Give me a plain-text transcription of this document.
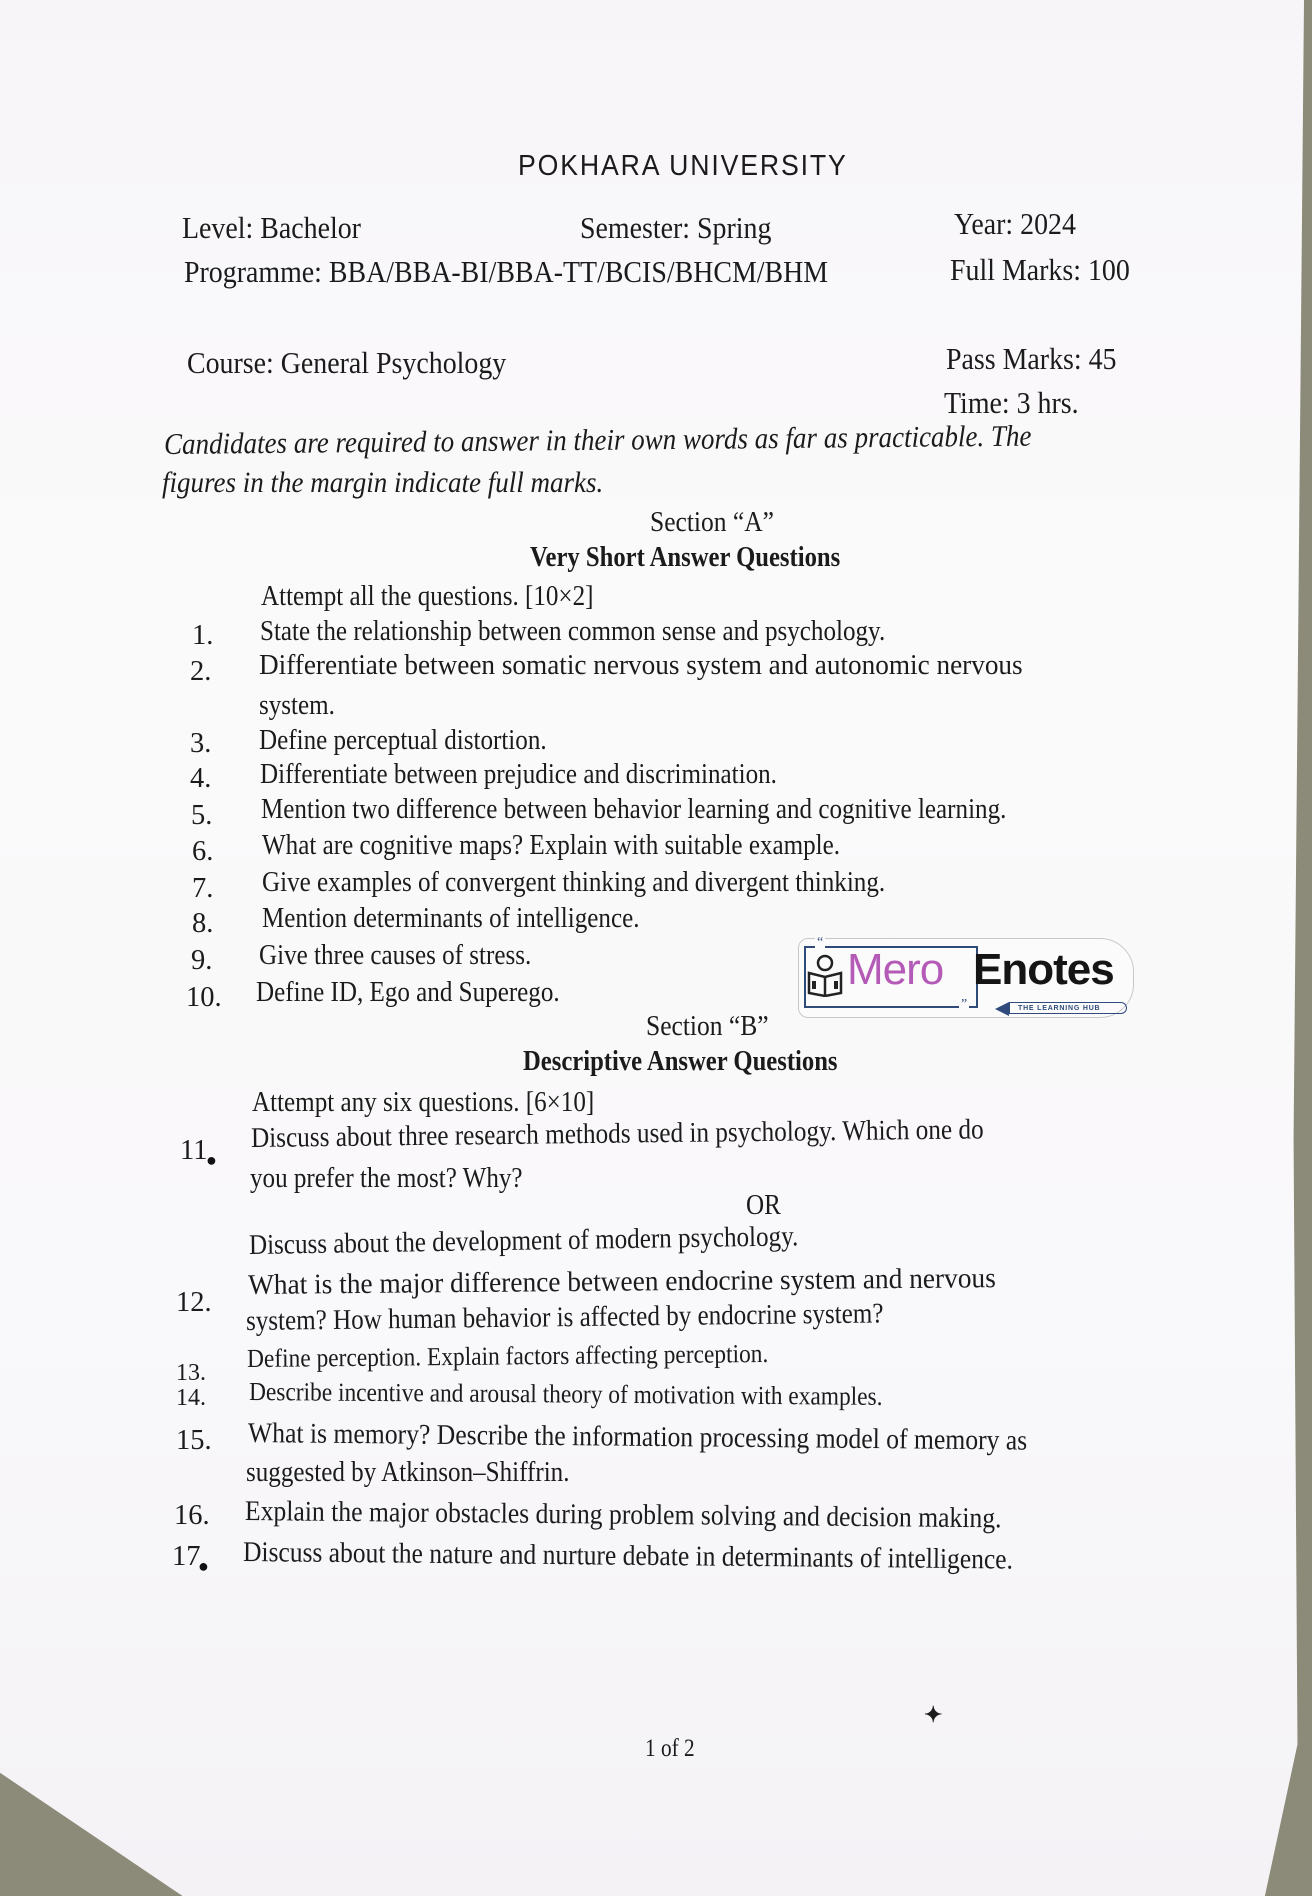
POKHARA UNIVERSITY
Level: Bachelor	Semester: Spring	Year: 2024
Programme: BBA/BBA-BI/BBA-TT/BCIS/BHCM/BHM	Full Marks: 100
Course: General Psychology	Pass Marks: 45
Time: 3 hrs.
Candidates are required to answer in their own words as far as practicable. The
figures in the margin indicate full marks.
Section “A”
Very Short Answer Questions
Attempt all the questions. [10×2]
1. State the relationship between common sense and psychology.
2. Differentiate between somatic nervous system and autonomic nervous
system.
3. Define perceptual distortion.
4. Differentiate between prejudice and discrimination.
5. Mention two difference between behavior learning and cognitive learning.
6. What are cognitive maps? Explain with suitable example.
7. Give examples of convergent thinking and divergent thinking.
8. Mention determinants of intelligence.
9. Give three causes of stress.
10. Define ID, Ego and Superego.
“
”
Mero Enotes
THE LEARNING HUB
Section “B”
Descriptive Answer Questions
Attempt any six questions. [6×10]
11
●
Discuss about three research methods used in psychology. Which one do
you prefer the most? Why?
OR
Discuss about the development of modern psychology.
12.
What is the major difference between endocrine system and nervous
system? How human behavior is affected by endocrine system?
13.
Define perception. Explain factors affecting perception.
14. Describe incentive and arousal theory of motivation with examples.
15. What is memory? Describe the information processing model of memory as
suggested by Atkinson–Shiffrin.
16. Explain the major obstacles during problem solving and decision making.
17
● Discuss about the nature and nurture debate in determinants of intelligence.
1 of 2
✦
